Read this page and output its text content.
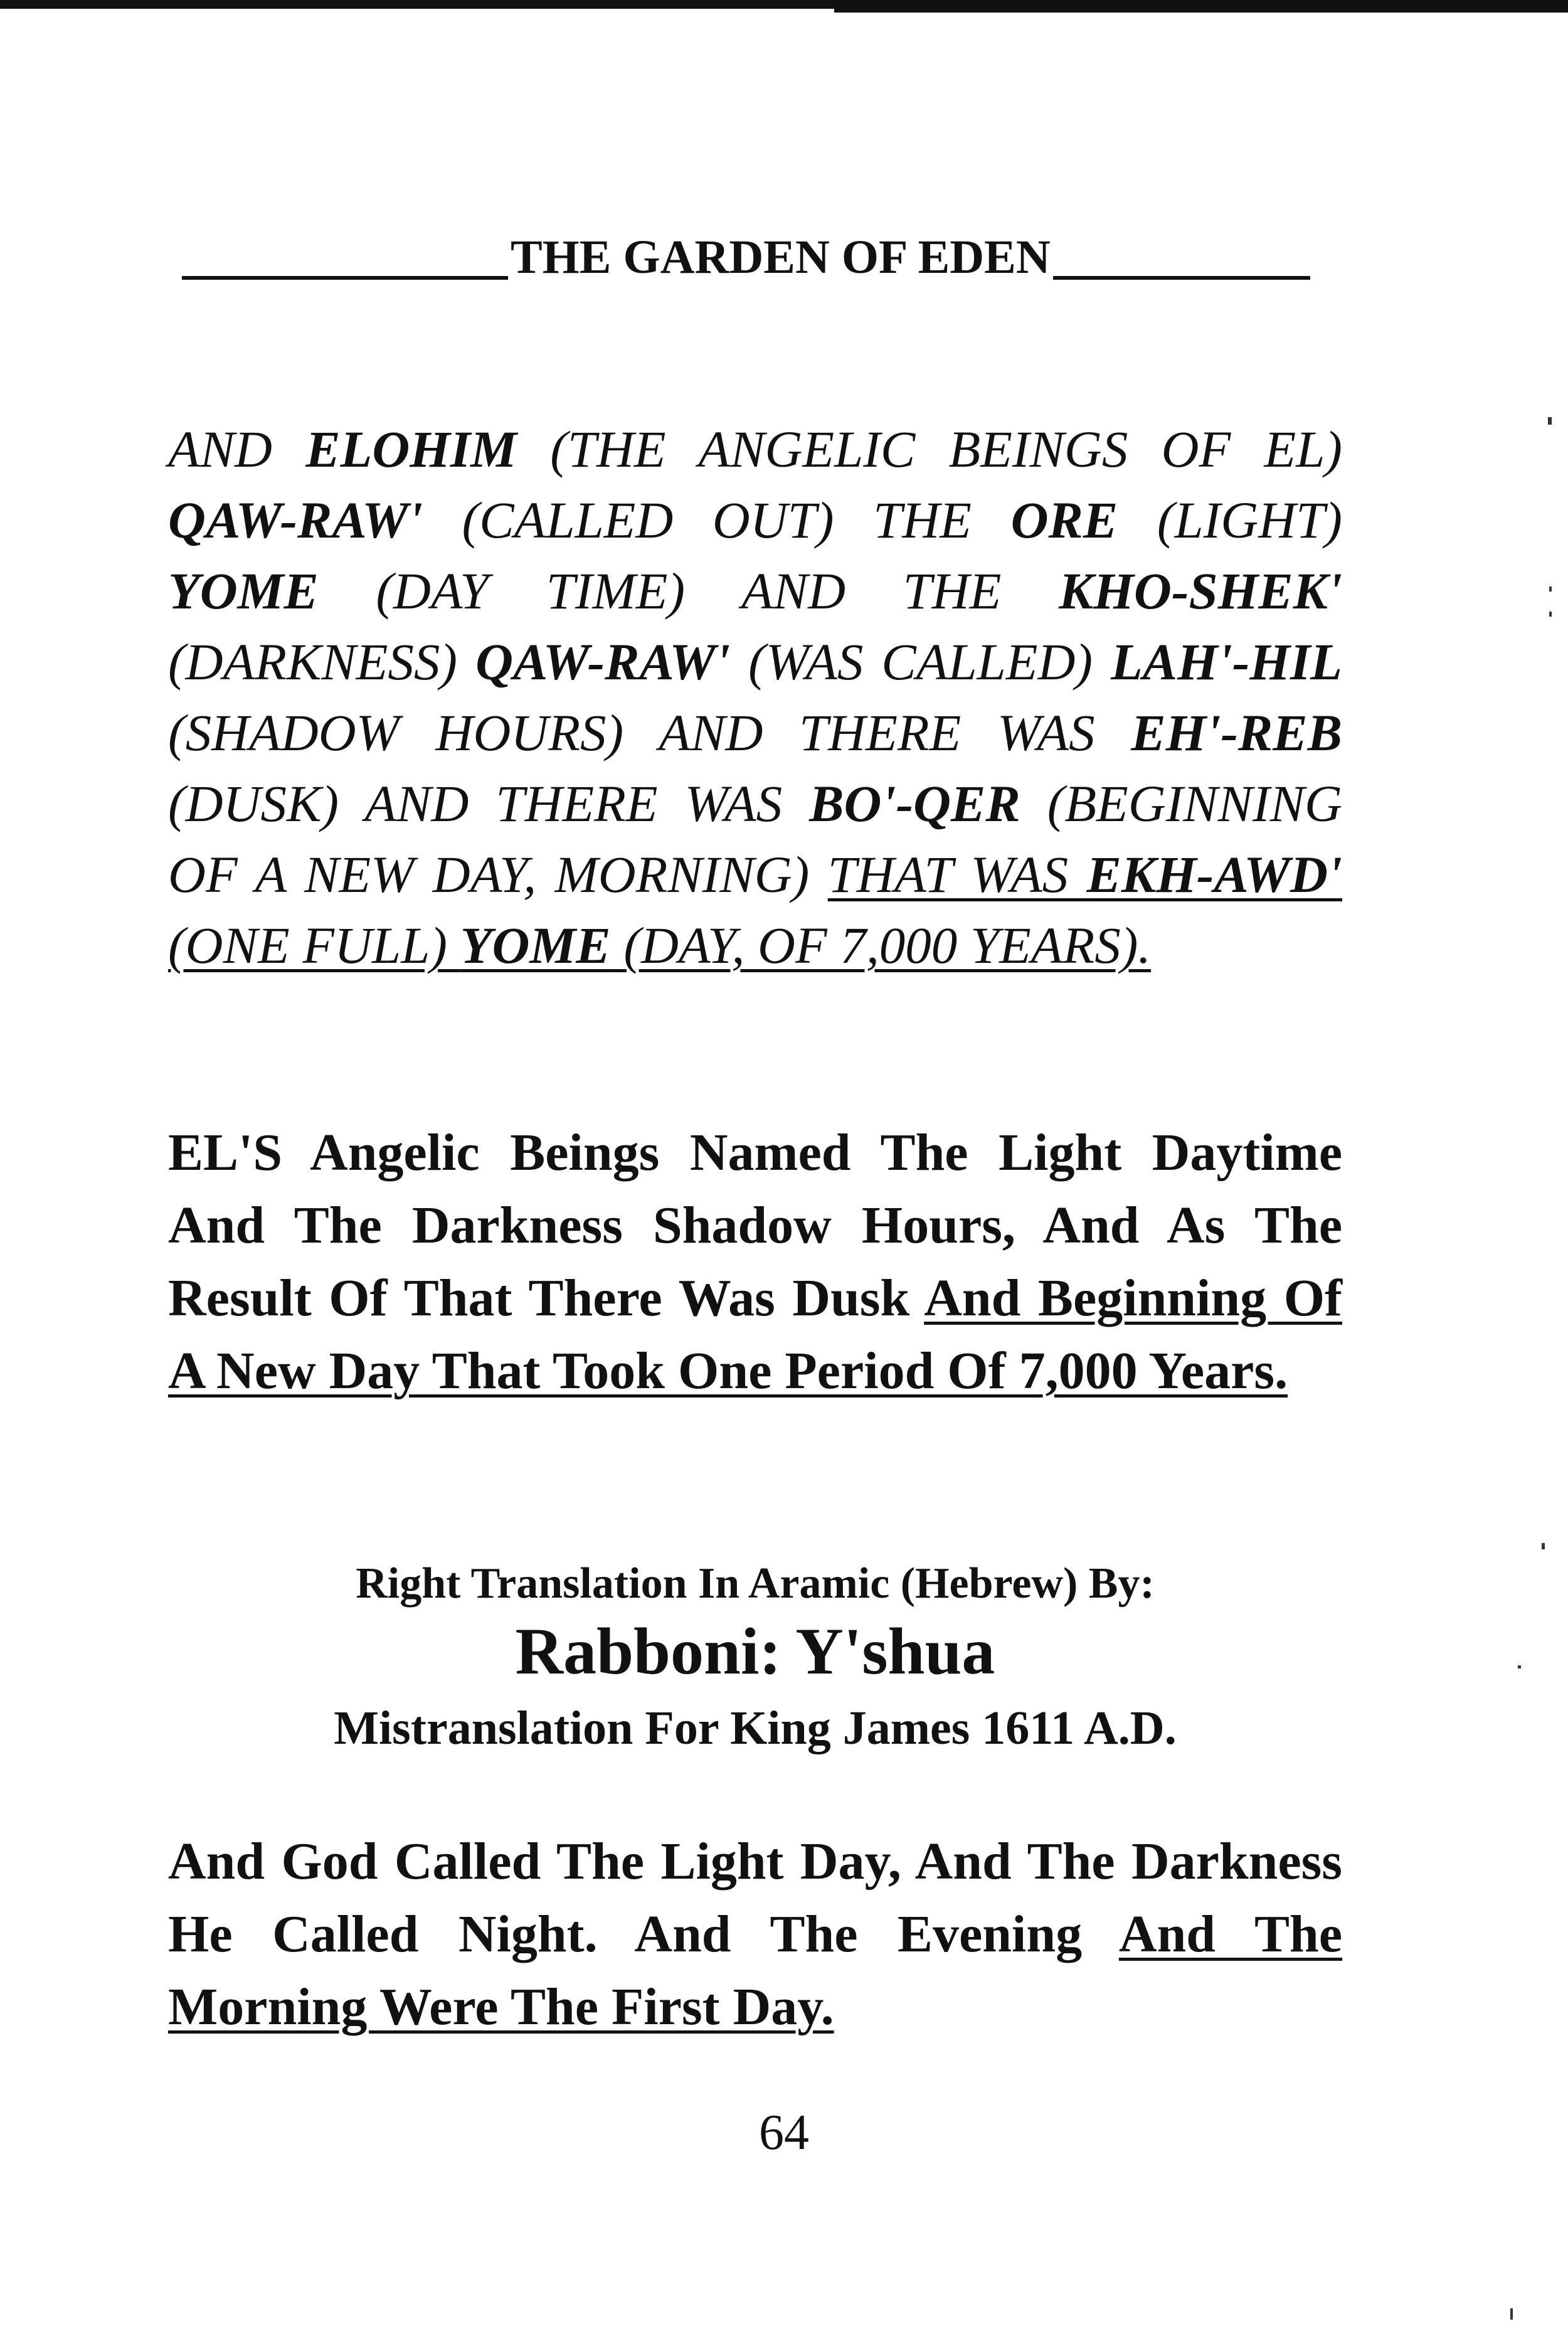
THE GARDEN OF EDEN
AND ELOHIM (THE ANGELIC BEINGS OF EL) QAW-RAW' (CALLED OUT) THE ORE (LIGHT) YOME (DAY TIME) AND THE KHO-SHEK' (DARKNESS) QAW-RAW' (WAS CALLED) LAH'-HIL (SHADOW HOURS) AND THERE WAS EH'-REB (DUSK) AND THERE WAS BO'-QER (BEGINNING OF A NEW DAY, MORNING) THAT WAS EKH-AWD' (ONE FULL) YOME (DAY, OF 7,000 YEARS).
EL'S Angelic Beings Named The Light Daytime And The Darkness Shadow Hours, And As The Result Of That There Was Dusk And Beginning Of A New Day That Took One Period Of 7,000 Years.
Right Translation In Aramic (Hebrew) By:
Rabboni: Y'shua
Mistranslation For King James 1611 A.D.
And God Called The Light Day, And The Darkness He Called Night. And The Evening And The Morning Were The First Day.
64
